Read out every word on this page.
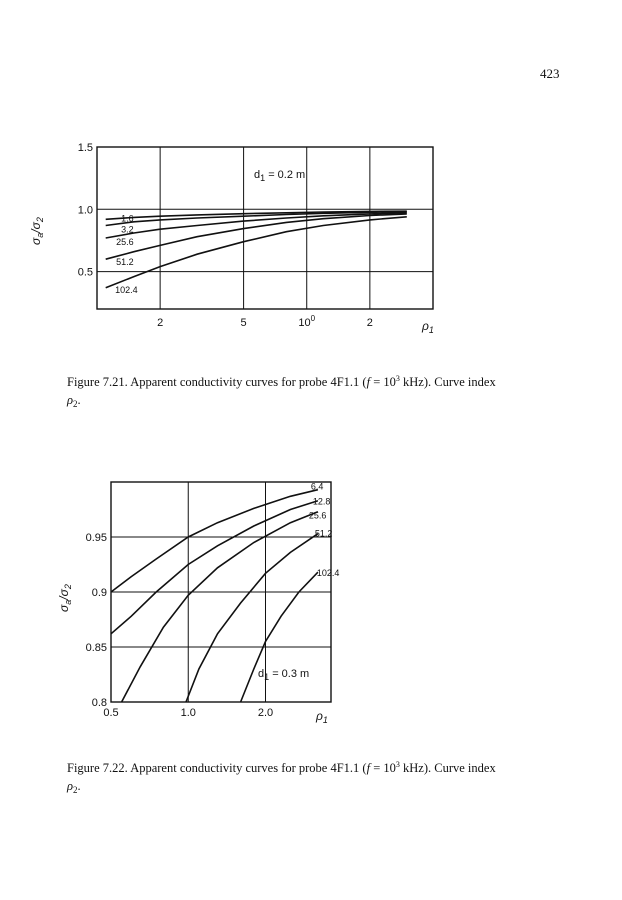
423
1.5
1.0
0.5
2	5	$10^0$	2
1.6
3.2
25.6
51.2
102.4
$\sigma_a/\sigma_2$
$\rho_1$
$d_1 = 0.2$ m
0.95
0.9
0.85
0.8
0.5	1.0	2.0
6.4
12.8
25.6
51.2
102.4
$\sigma_a/\sigma_2$
$\rho_1$
$d_1 = 0.3$ m
Figure 7.21. Apparent conductivity curves for probe 4F1.1 ($f = 10^3$ kHz). Curve index
$\rho_2$.
Figure 7.22. Apparent conductivity curves for probe 4F1.1 ($f = 10^3$ kHz). Curve index
$\rho_2$.
